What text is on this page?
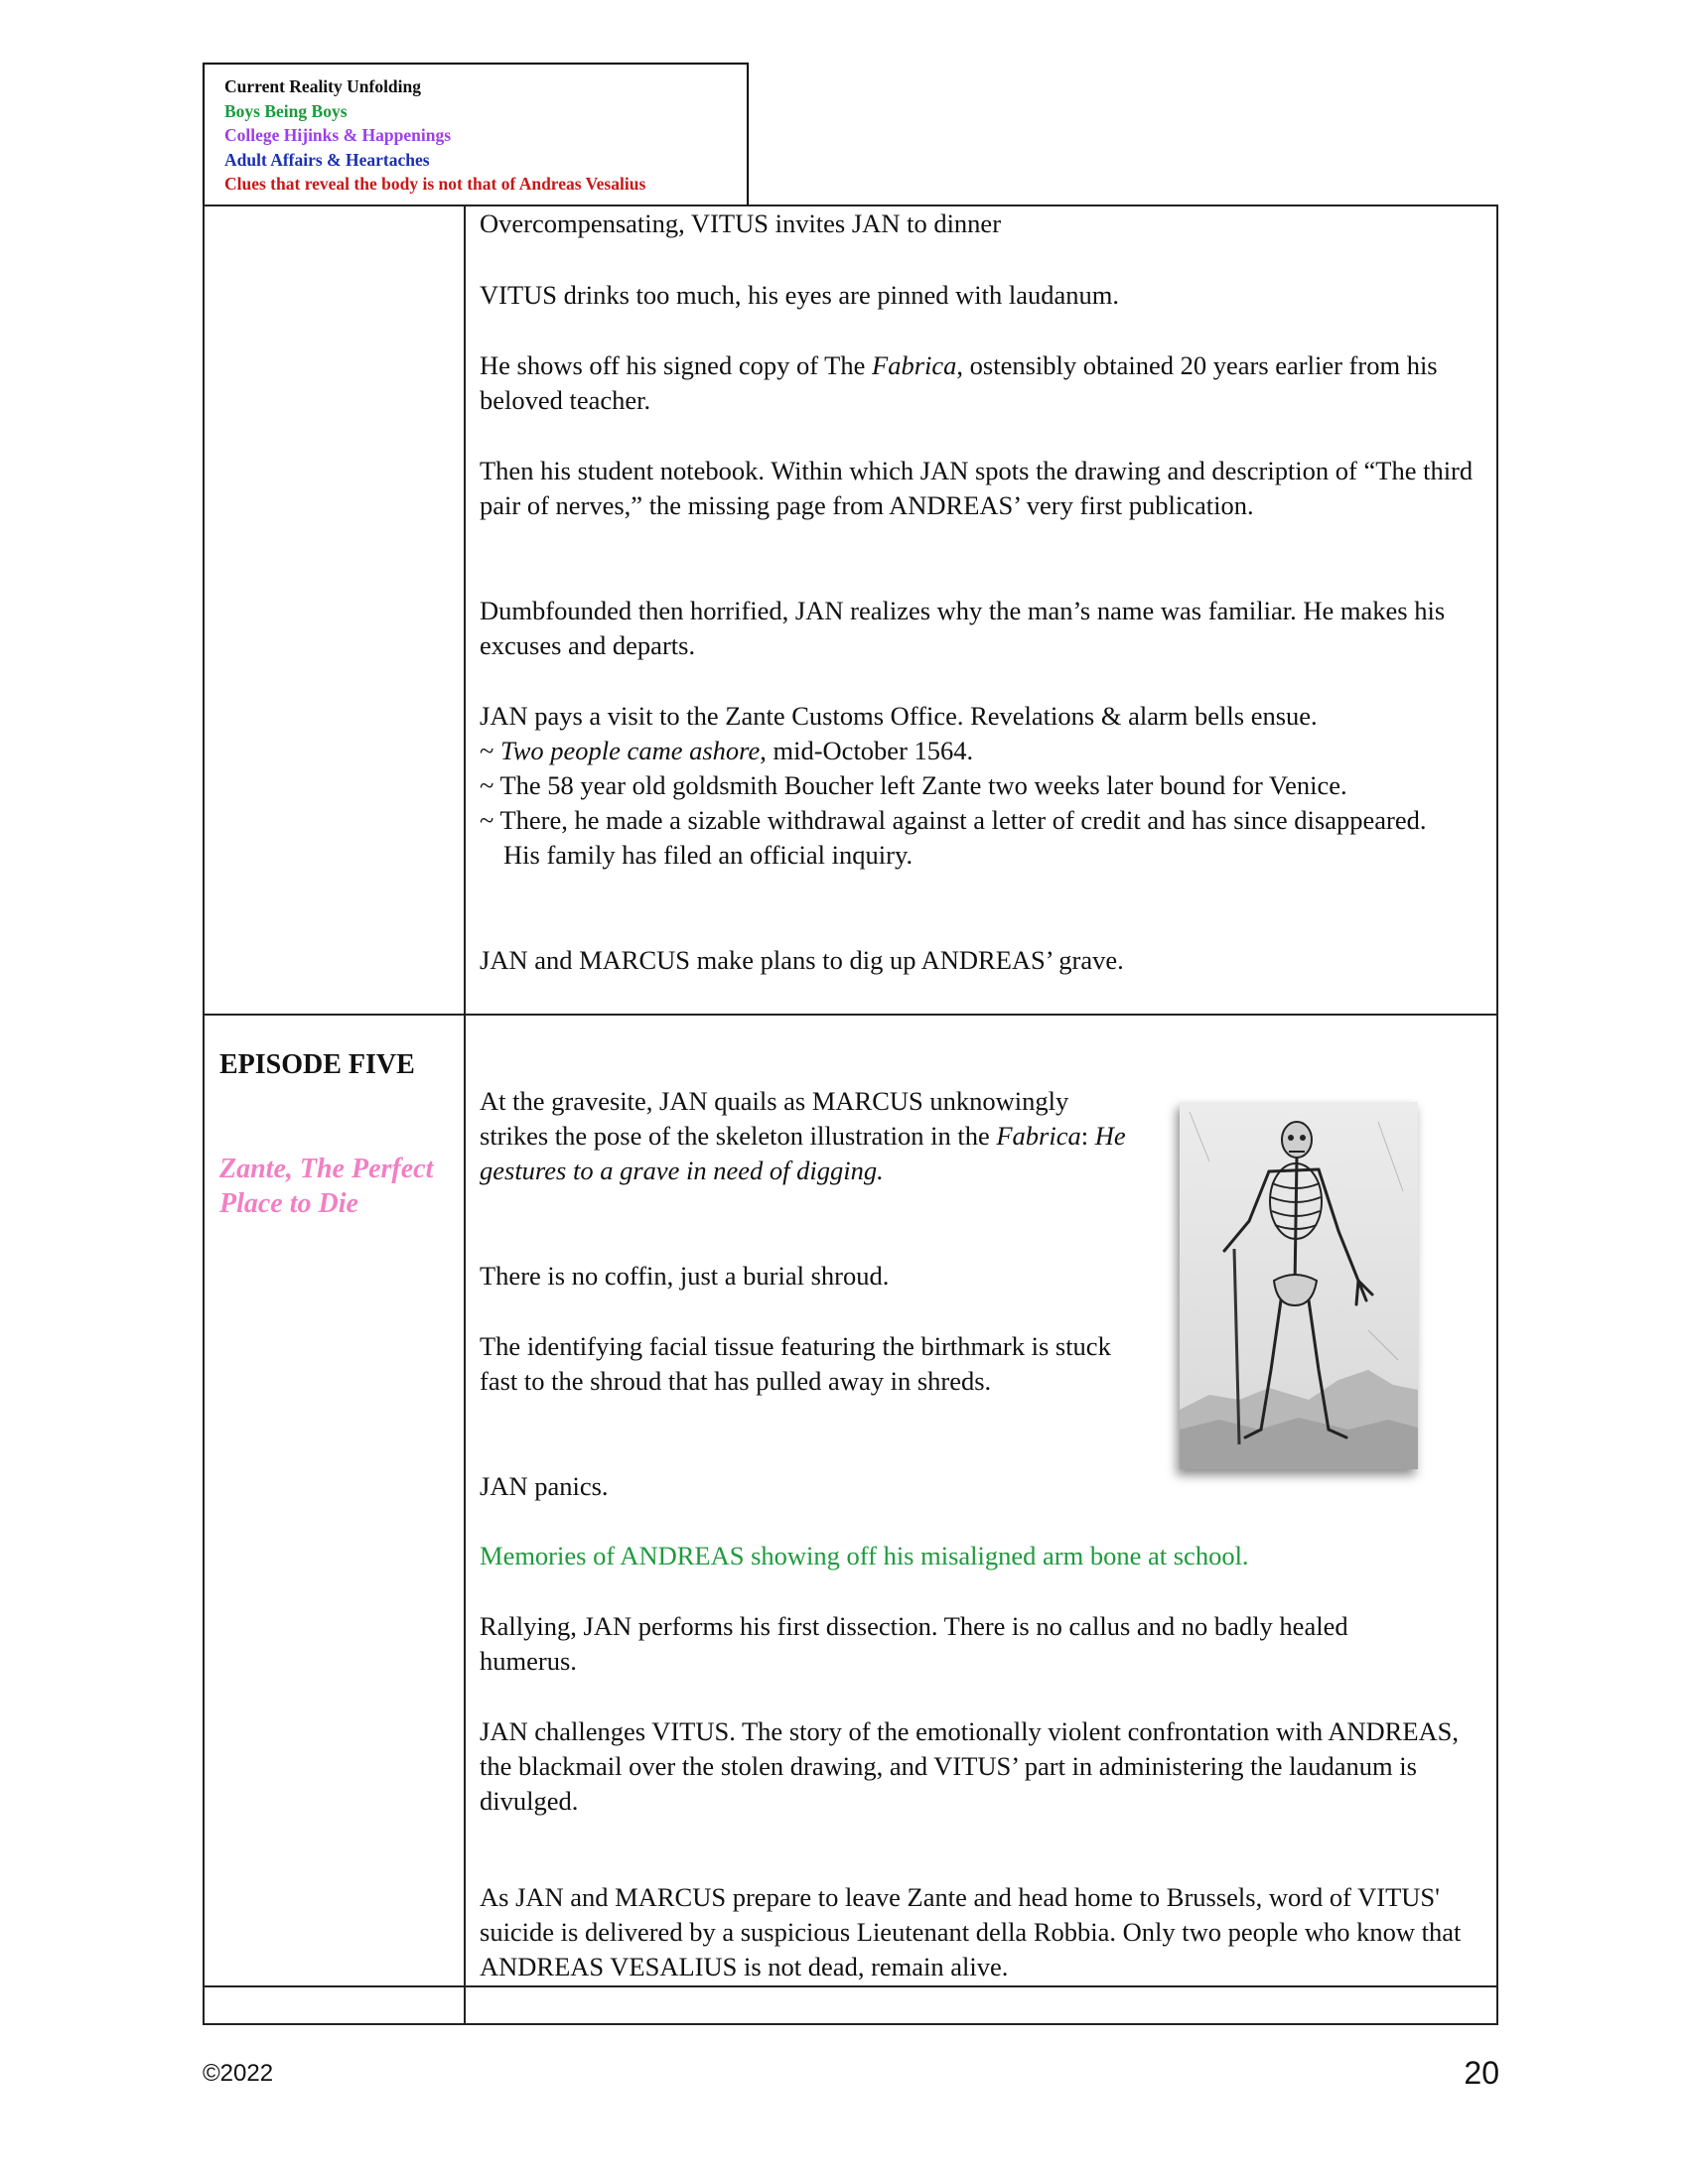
Current Reality Unfolding
Boys Being Boys
College Hijinks & Happenings
Adult Affairs & Heartaches
Clues that reveal the body is not that of Andreas Vesalius
Overcompensating, VITUS invites JAN to dinner
VITUS drinks too much, his eyes are pinned with laudanum.
He shows off his signed copy of The Fabrica, ostensibly obtained 20 years earlier from his beloved teacher.
Then his student notebook. Within which JAN spots the drawing and description of “The third pair of nerves,” the missing page from ANDREAS’ very first publication.
Dumbfounded then horrified, JAN realizes why the man’s name was familiar. He makes his excuses and departs.
JAN pays a visit to the Zante Customs Office. Revelations & alarm bells ensue.
~ Two people came ashore, mid-October 1564.
~ The 58 year old goldsmith Boucher left Zante two weeks later bound for Venice.
~ There, he made a sizable withdrawal against a letter of credit and has since disappeared. His family has filed an official inquiry.
JAN and MARCUS make plans to dig up ANDREAS’ grave.
EPISODE FIVE
Zante, The Perfect Place to Die
At the gravesite, JAN quails as MARCUS unknowingly strikes the pose of the skeleton illustration in the Fabrica: He gestures to a grave in need of digging.
There is no coffin, just a burial shroud.
The identifying facial tissue featuring the birthmark is stuck fast to the shroud that has pulled away in shreds.
JAN panics.
Memories of ANDREAS showing off his misaligned arm bone at school.
Rallying, JAN performs his first dissection. There is no callus and no badly healed humerus.
JAN challenges VITUS. The story of the emotionally violent confrontation with ANDREAS, the blackmail over the stolen drawing, and VITUS’ part in administering the laudanum is divulged.
As JAN and MARCUS prepare to leave Zante and head home to Brussels, word of VITUS' suicide is delivered by a suspicious Lieutenant della Robbia. Only two people who know that ANDREAS VESALIUS is not dead, remain alive.
©2022	20
